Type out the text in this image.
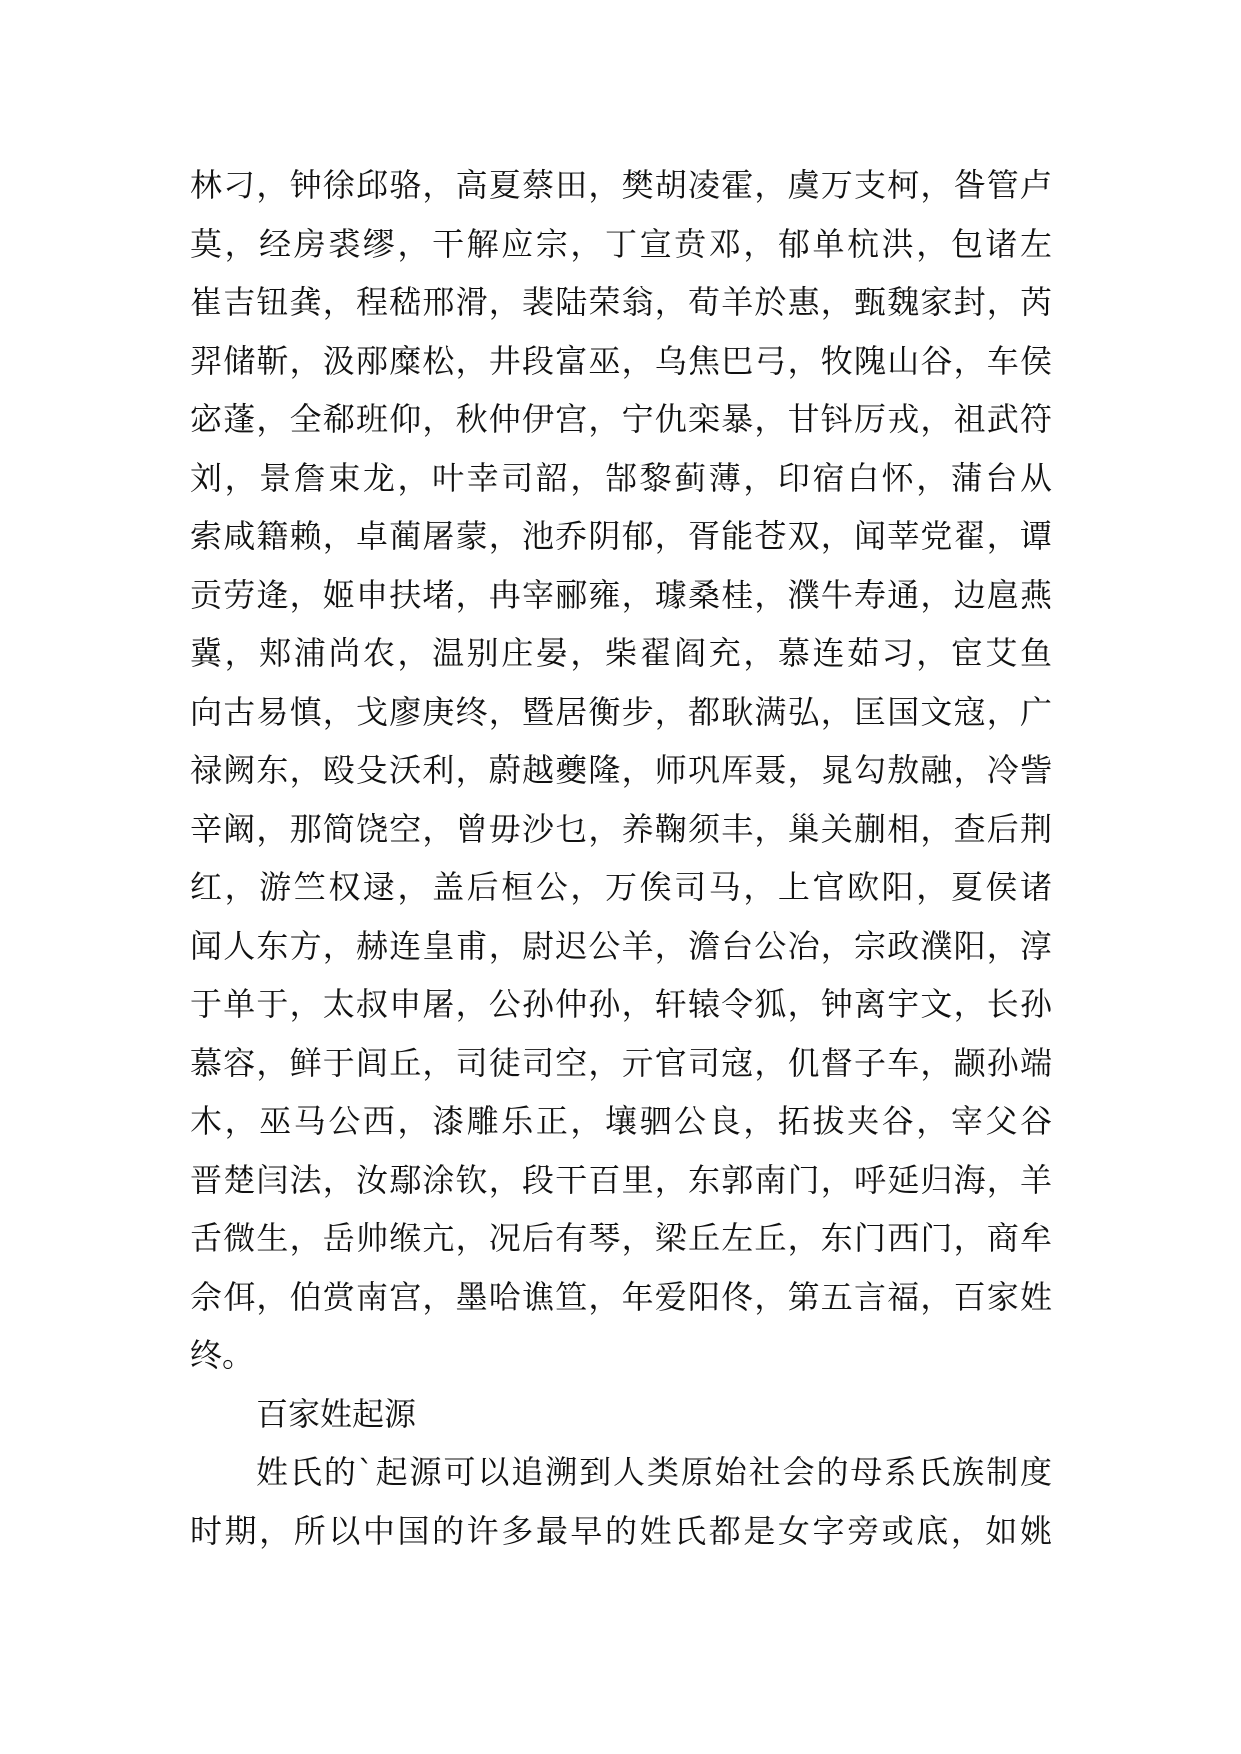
林刁，钟徐邱骆，高夏蔡田，樊胡凌霍，虞万支柯，昝管卢
莫，经房裘缪，干解应宗，丁宣贲邓，郁单杭洪，包诸左
崔吉钮龚，程嵇邢滑，裴陆荣翁，荀羊於惠，甄魏家封，芮
羿储靳，汲邴糜松，井段富巫，乌焦巴弓，牧隗山谷，车侯
宓蓬，全郗班仰，秋仲伊宫，宁仇栾暴，甘钭厉戎，祖武符
刘，景詹束龙，叶幸司韶，郜黎蓟薄，印宿白怀，蒲台从
索咸籍赖，卓蔺屠蒙，池乔阴郁，胥能苍双，闻莘党翟，谭
贡劳逄，姬申扶堵，冉宰郦雍，璩桑桂，濮牛寿通，边扈燕
冀，郏浦尚农，温别庄晏，柴翟阎充，慕连茹习，宦艾鱼
向古易慎，戈廖庚终，暨居衡步，都耿满弘，匡国文寇，广
禄阙东，殴殳沃利，蔚越夔隆，师巩厍聂，晁勾敖融，冷訾
辛阚，那简饶空，曾毋沙乜，养鞠须丰，巢关蒯相，查后荆
红，游竺权逯，盖后桓公，万俟司马，上官欧阳，夏侯诸
闻人东方，赫连皇甫，尉迟公羊，澹台公冶，宗政濮阳，淳
于单于，太叔申屠，公孙仲孙，轩辕令狐，钟离宇文，长孙
慕容，鲜于闾丘，司徒司空，亓官司寇，仉督子车，颛孙端
木，巫马公西，漆雕乐正，壤驷公良，拓拔夹谷，宰父谷
晋楚闫法，汝鄢涂钦，段干百里，东郭南门，呼延归海，羊
舌微生，岳帅缑亢，况后有琴，梁丘左丘，东门西门，商牟
佘佴，伯赏南宫，墨哈谯笪，年爱阳佟，第五言福，百家姓
终。
百家姓起源
姓氏的`起源可以追溯到人类原始社会的母系氏族制度
时期，所以中国的许多最早的姓氏都是女字旁或底，如姚
